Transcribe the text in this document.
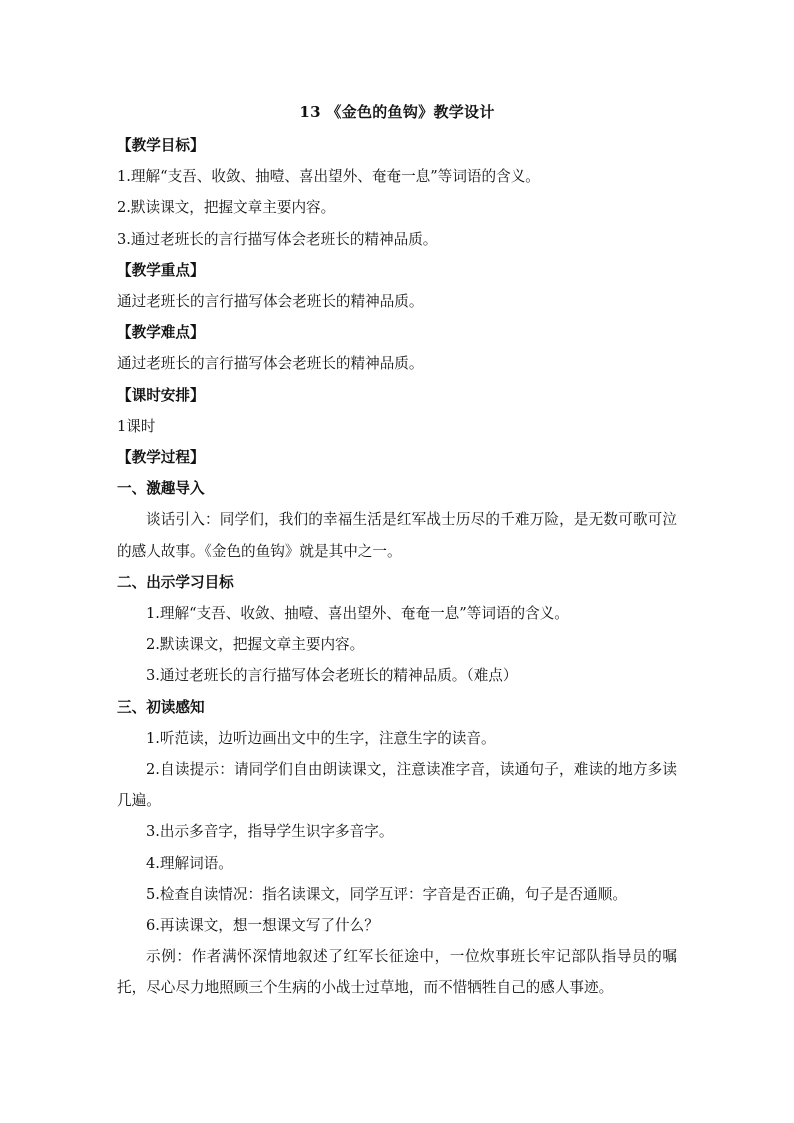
13 《金色的鱼钩》教学设计

【教学目标】

1.理解“支吾、收敛、抽噎、喜出望外、奄奄一息”等词语的含义。

2.默读课文，把握文章主要内容。

3.通过老班长的言行描写体会老班长的精神品质。

【教学重点】

通过老班长的言行描写体会老班长的精神品质。

【教学难点】

通过老班长的言行描写体会老班长的精神品质。

【课时安排】

1课时

【教学过程】

一、激趣导入

谈话引入：同学们，我们的幸福生活是红军战士历尽的千难万险，是无数可歌可泣的感人故事。《金色的鱼钩》就是其中之一。

二、出示学习目标

1.理解“支吾、收敛、抽噎、喜出望外、奄奄一息”等词语的含义。

2.默读课文，把握文章主要内容。

3.通过老班长的言行描写体会老班长的精神品质。（难点）

三、初读感知

1.听范读，边听边画出文中的生字，注意生字的读音。

2.自读提示：请同学们自由朗读课文，注意读准字音，读通句子，难读的地方多读几遍。

3.出示多音字，指导学生识字多音字。

4.理解词语。

5.检查自读情况：指名读课文，同学互评：字音是否正确，句子是否通顺。

6.再读课文，想一想课文写了什么？

示例：作者满怀深情地叙述了红军长征途中，一位炊事班长牢记部队指导员的嘱托，尽心尽力地照顾三个生病的小战士过草地，而不惜牺牲自己的感人事迹。
